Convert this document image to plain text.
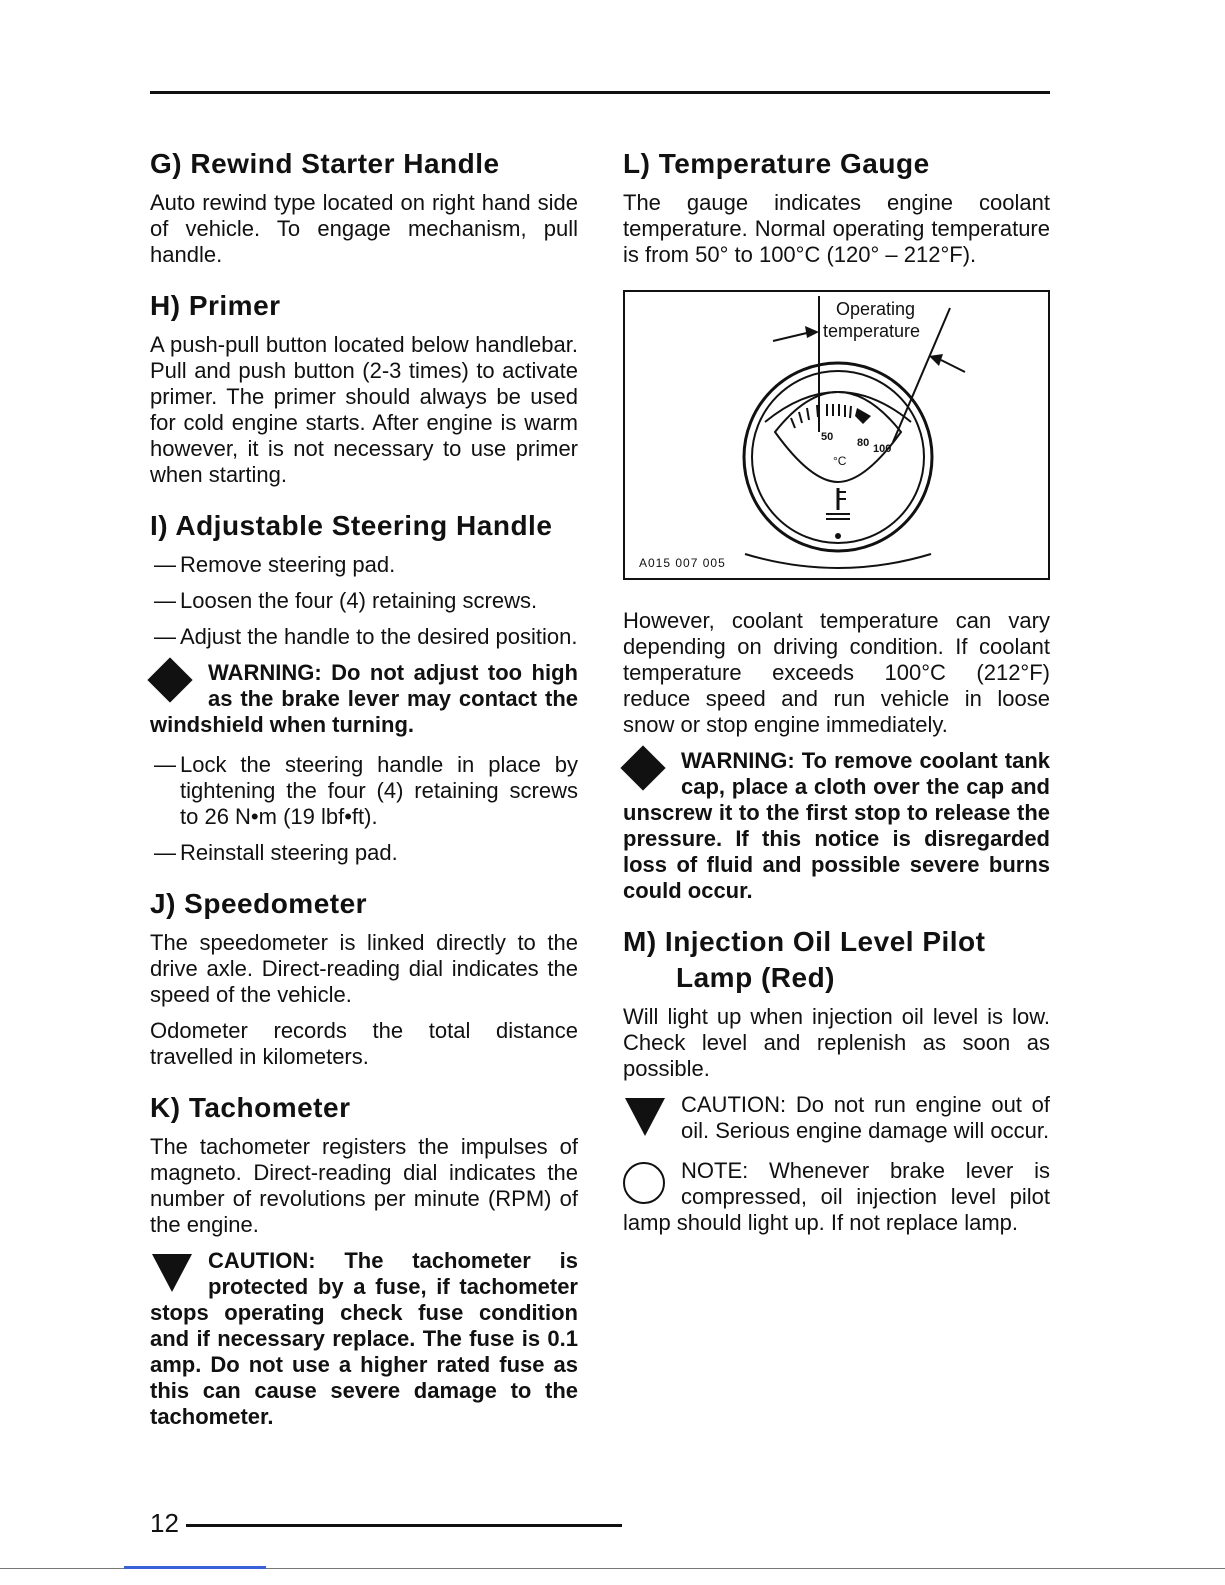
G) Rewind Starter Handle

Auto rewind type located on right hand side of vehicle. To engage mechanism, pull handle.

H) Primer

A push-pull button located below handlebar. Pull and push button (2-3 times) to activate primer. The primer should always be used for cold engine starts. After engine is warm however, it is not necessary to use primer when starting.

I) Adjustable Steering Handle
— Remove steering pad.
— Loosen the four (4) retaining screws.
— Adjust the handle to the desired position.
WARNING: Do not adjust too high as the brake lever may contact the windshield when turning.
— Lock the steering handle in place by tightening the four (4) retaining screws to 26 N•m (19 lbf•ft).
— Reinstall steering pad.
J) Speedometer

The speedometer is linked directly to the drive axle. Direct-reading dial indicates the speed of the vehicle.

Odometer records the total distance travelled in kilometers.

K) Tachometer

The tachometer registers the impulses of magneto. Direct-reading dial indicates the number of revolutions per minute (RPM) of the engine.

CAUTION: The tachometer is protected by a fuse, if tachometer stops operating check fuse condition and if necessary replace. The fuse is 0.1 amp. Do not use a higher rated fuse as this can cause severe damage to the tachometer.
L) Temperature Gauge

The gauge indicates engine coolant temperature. Normal operating temperature is from 50° to 100°C (120° – 212°F).

Operating
temperature
50 80 100
°C
A015 007 005

However, coolant temperature can vary depending on driving condition. If coolant temperature exceeds 100°C (212°F) reduce speed and run vehicle in loose snow or stop engine immediately.

WARNING: To remove coolant tank cap, place a cloth over the cap and unscrew it to the first stop to release the pressure. If this notice is disregarded loss of fluid and possible severe burns could occur.
M) Injection Oil Level Pilot
Lamp (Red)

Will light up when injection oil level is low. Check level and replenish as soon as possible.

CAUTION: Do not run engine out of oil. Serious engine damage will occur.
NOTE: Whenever brake lever is compressed, oil injection level pilot lamp should light up. If not replace lamp.
12
